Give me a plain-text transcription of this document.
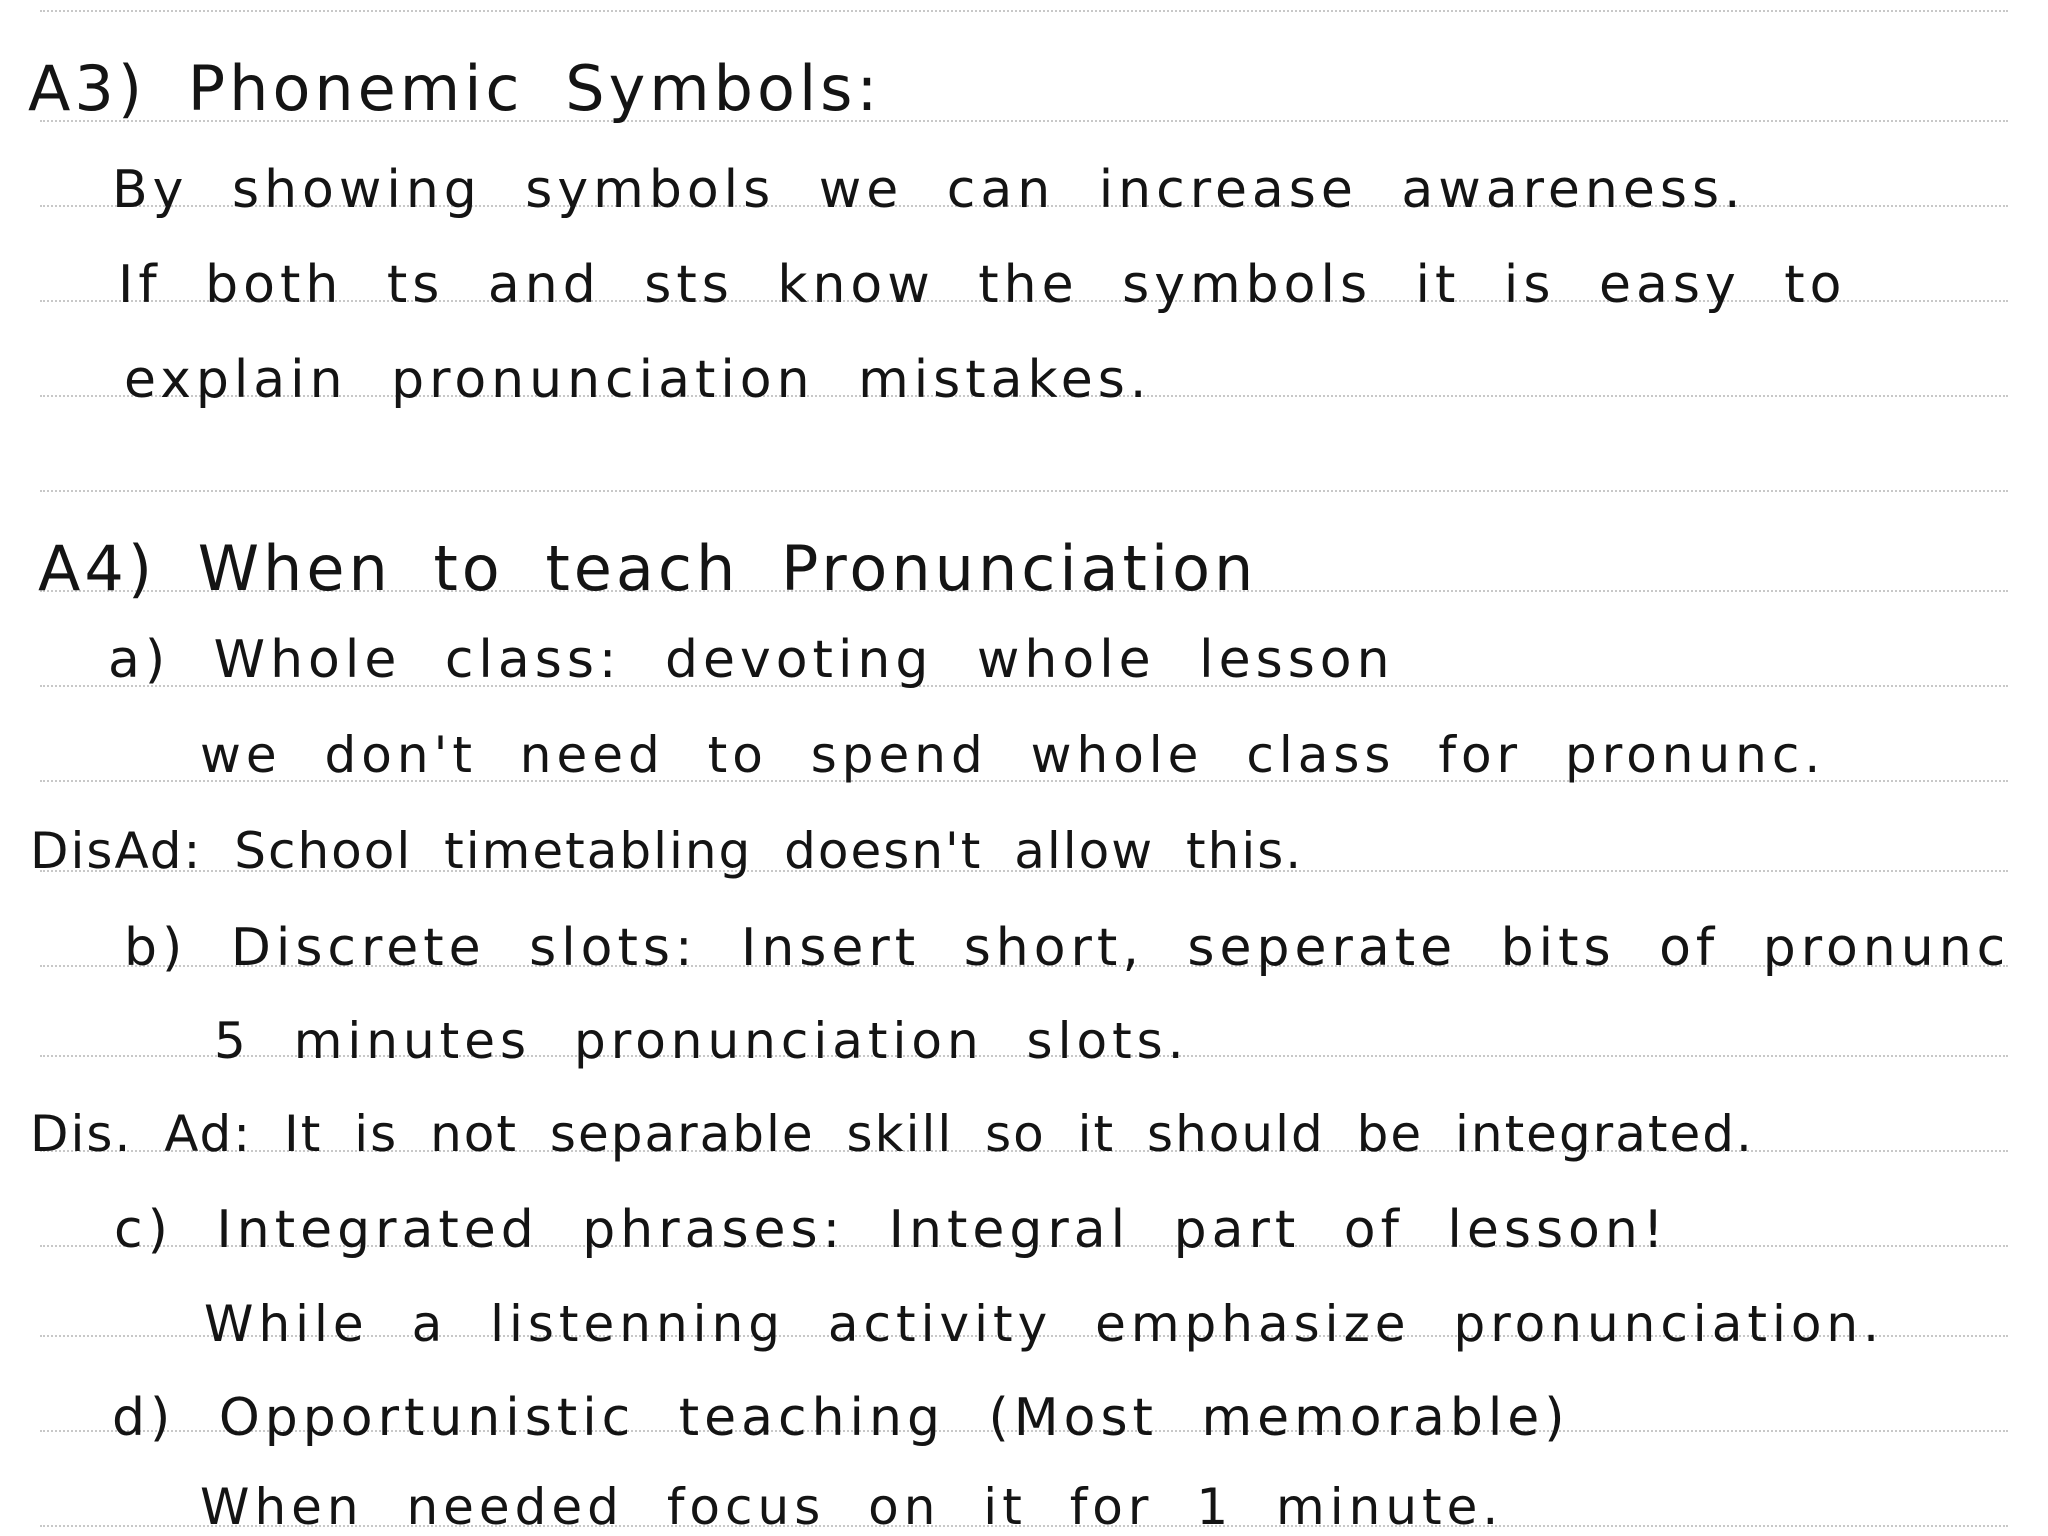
A3) Phonemic Symbols:
By showing symbols we can increase awareness.
If both ts and sts know the symbols it is easy to
explain pronunciation mistakes.
A4) When to teach Pronunciation
a) Whole class: devoting whole lesson
we don't need to spend whole class for pronunc.
DisAd: School timetabling doesn't allow this.
b) Discrete slots: Insert short, seperate bits of pronunc
5 minutes pronunciation slots.
Dis. Ad: It is not separable skill so it should be integrated.
c) Integrated phrases: Integral part of lesson!
While a listenning activity emphasize pronunciation.
d) Opportunistic teaching (Most memorable)
When needed focus on it for 1 minute.
